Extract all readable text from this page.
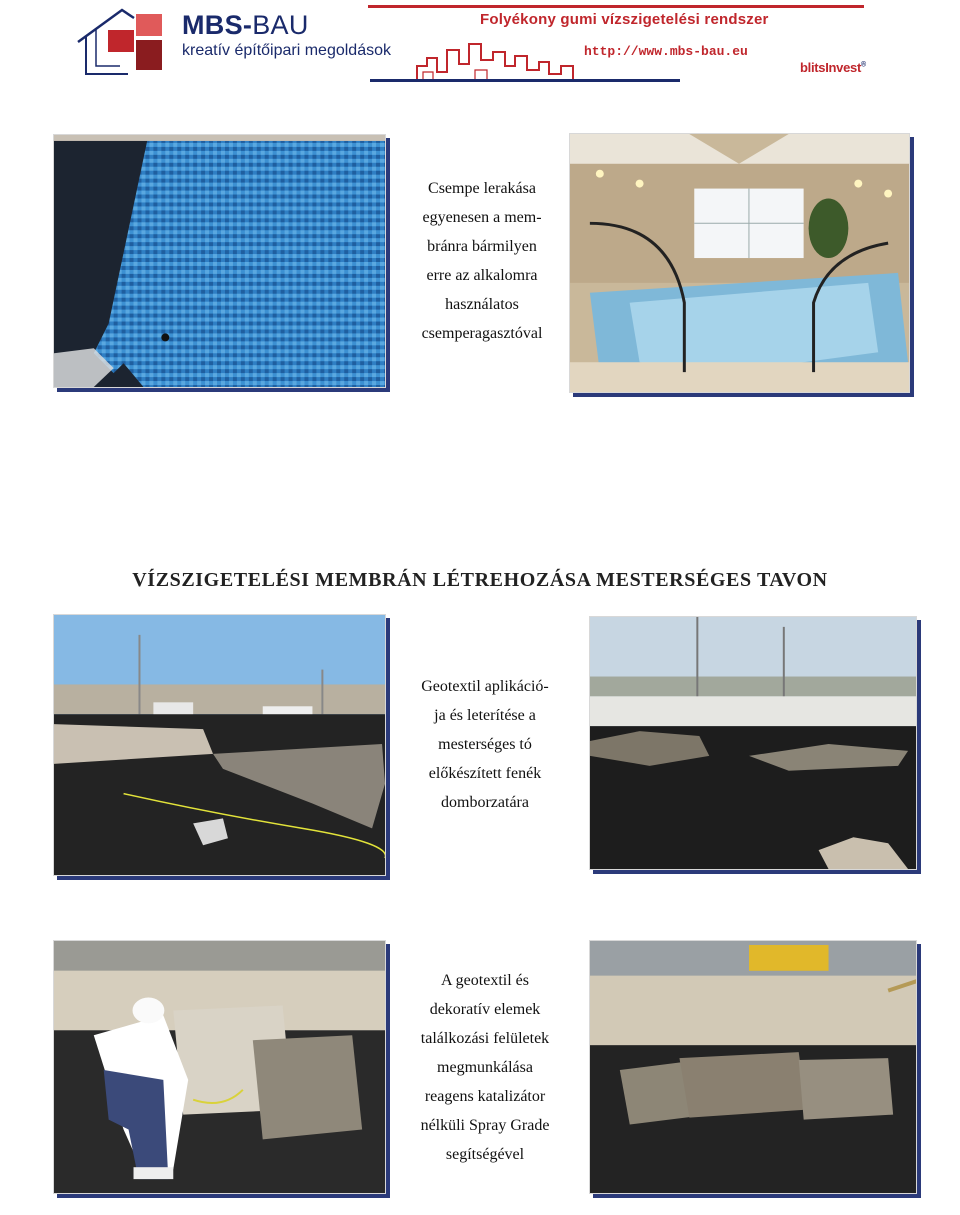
MBS-BAU
kreatív építőipari megoldások
Folyékony gumi vízszigetelési rendszer
http://www.mbs-bau.eu
blitsInvest®
Csempe lerakása
egyenesen a mem-
bránra bármilyen
erre az alkalomra
használatos
csemperagasztóval
VÍZSZIGETELÉSI MEMBRÁN LÉTREHOZÁSA MESTERSÉGES TAVON
Geotextil aplikáció-
ja és leterítése a
mesterséges tó
előkészített fenék
domborzatára
A geotextil és
dekoratív elemek
találkozási felületek
megmunkálása
reagens katalizátor
nélküli Spray Grade
segítségével
